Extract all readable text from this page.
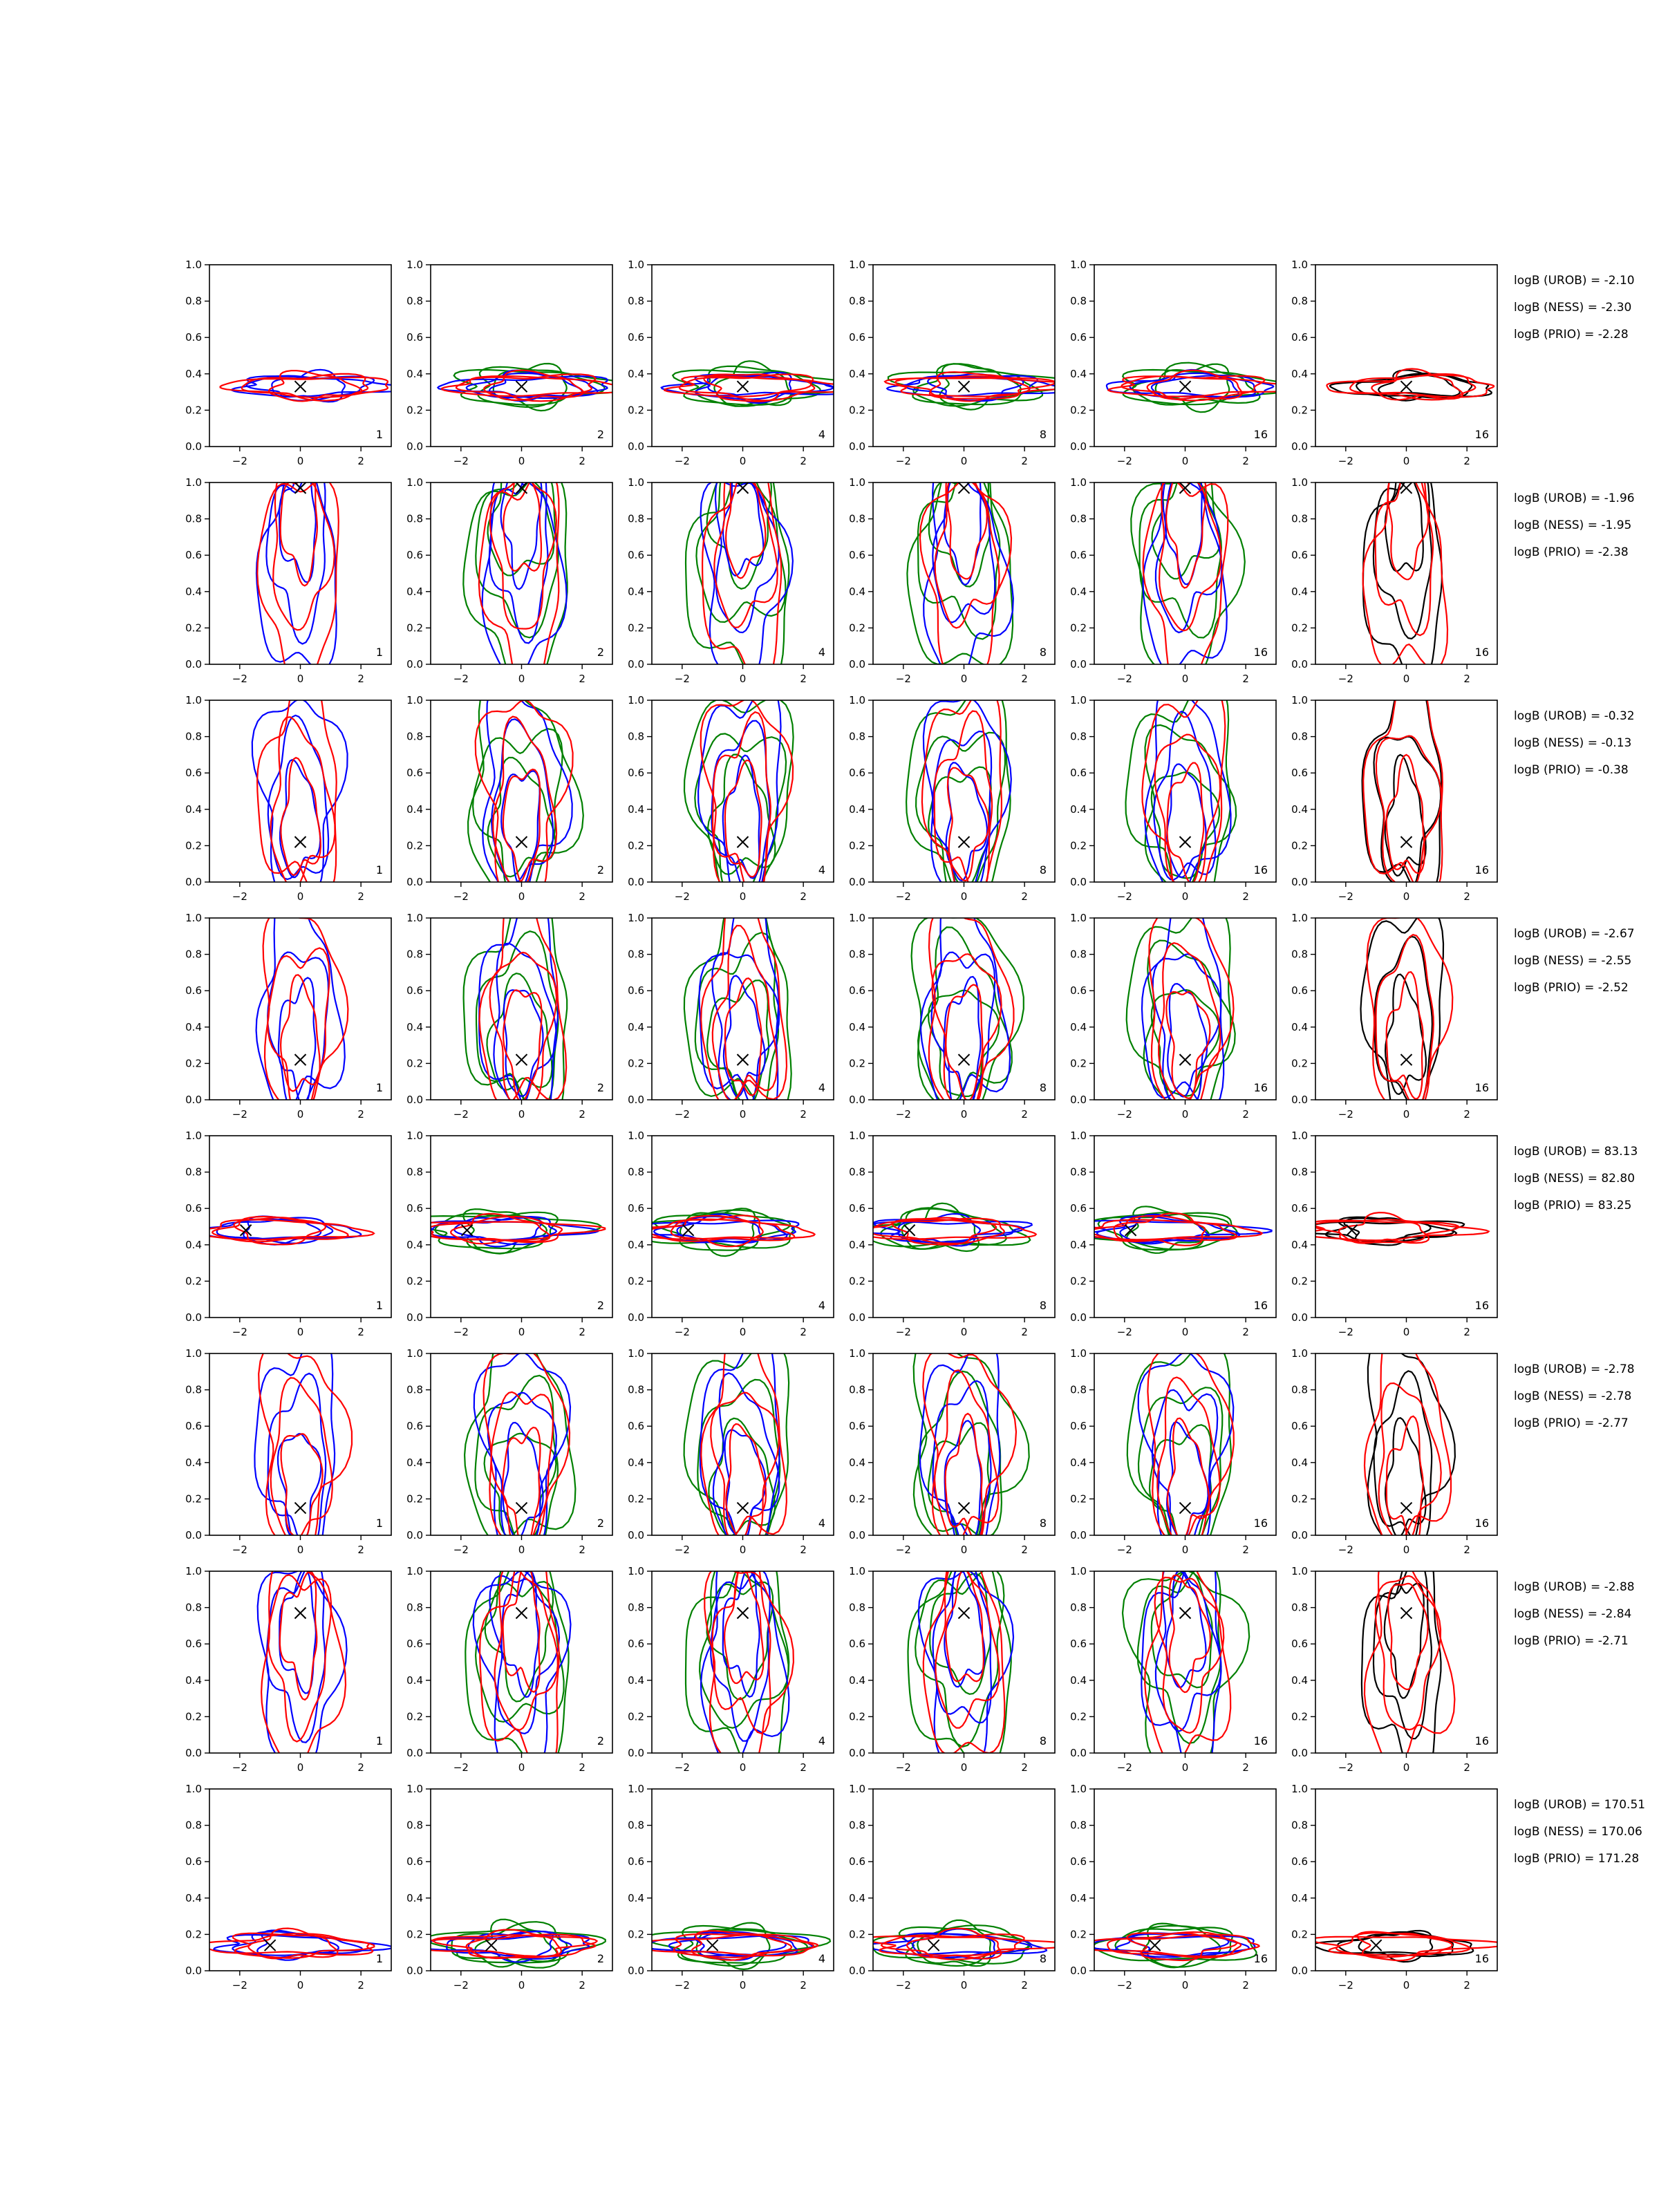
−2	0	2
0.0
0.2
0.4
0.6
0.8
1.0
1
−2	0	2
0.0
0.2
0.4
0.6
0.8
1.0
2
−2	0	2
0.0
0.2
0.4
0.6
0.8
1.0
4
−2	0	2
0.0
0.2
0.4
0.6
0.8
1.0
8
−2	0	2
0.0
0.2
0.4
0.6
0.8
1.0
16
−2	0	2
0.0
0.2
0.4
0.6
0.8
1.0
16
logB (UROB) = -2.10
logB (NESS) = -2.30
logB (PRIO) = -2.28
−2	0	2
0.0
0.2
0.4
0.6
0.8
1.0
1
−2	0	2
0.0
0.2
0.4
0.6
0.8
1.0
2
−2	0	2
0.0
0.2
0.4
0.6
0.8
1.0
4
−2	0	2
0.0
0.2
0.4
0.6
0.8
1.0
8
−2	0	2
0.0
0.2
0.4
0.6
0.8
1.0
16
−2	0	2
0.0
0.2
0.4
0.6
0.8
1.0
16
logB (UROB) = -1.96
logB (NESS) = -1.95
logB (PRIO) = -2.38
−2	0	2
0.0
0.2
0.4
0.6
0.8
1.0
1
−2	0	2
0.0
0.2
0.4
0.6
0.8
1.0
2
−2	0	2
0.0
0.2
0.4
0.6
0.8
1.0
4
−2	0	2
0.0
0.2
0.4
0.6
0.8
1.0
8
−2	0	2
0.0
0.2
0.4
0.6
0.8
1.0
16
−2	0	2
0.0
0.2
0.4
0.6
0.8
1.0
16
logB (UROB) = -0.32
logB (NESS) = -0.13
logB (PRIO) = -0.38
−2	0	2
0.0
0.2
0.4
0.6
0.8
1.0
1
−2	0	2
0.0
0.2
0.4
0.6
0.8
1.0
2
−2	0	2
0.0
0.2
0.4
0.6
0.8
1.0
4
−2	0	2
0.0
0.2
0.4
0.6
0.8
1.0
8
−2	0	2
0.0
0.2
0.4
0.6
0.8
1.0
16
−2	0	2
0.0
0.2
0.4
0.6
0.8
1.0
16
logB (UROB) = -2.67
logB (NESS) = -2.55
logB (PRIO) = -2.52
−2	0	2
0.0
0.2
0.4
0.6
0.8
1.0
1
−2	0	2
0.0
0.2
0.4
0.6
0.8
1.0
2
−2	0	2
0.0
0.2
0.4
0.6
0.8
1.0
4
−2	0	2
0.0
0.2
0.4
0.6
0.8
1.0
8
−2	0	2
0.0
0.2
0.4
0.6
0.8
1.0
16
−2	0	2
0.0
0.2
0.4
0.6
0.8
1.0
16
logB (UROB) = 83.13
logB (NESS) = 82.80
logB (PRIO) = 83.25
−2	0	2
0.0
0.2
0.4
0.6
0.8
1.0
1
−2	0	2
0.0
0.2
0.4
0.6
0.8
1.0
2
−2	0	2
0.0
0.2
0.4
0.6
0.8
1.0
4
−2	0	2
0.0
0.2
0.4
0.6
0.8
1.0
8
−2	0	2
0.0
0.2
0.4
0.6
0.8
1.0
16
−2	0	2
0.0
0.2
0.4
0.6
0.8
1.0
16
logB (UROB) = -2.78
logB (NESS) = -2.78
logB (PRIO) = -2.77
−2	0	2
0.0
0.2
0.4
0.6
0.8
1.0
1
−2	0	2
0.0
0.2
0.4
0.6
0.8
1.0
2
−2	0	2
0.0
0.2
0.4
0.6
0.8
1.0
4
−2	0	2
0.0
0.2
0.4
0.6
0.8
1.0
8
−2	0	2
0.0
0.2
0.4
0.6
0.8
1.0
16
−2	0	2
0.0
0.2
0.4
0.6
0.8
1.0
16
logB (UROB) = -2.88
logB (NESS) = -2.84
logB (PRIO) = -2.71
−2	0	2
0.0
0.2
0.4
0.6
0.8
1.0
1
−2	0	2
0.0
0.2
0.4
0.6
0.8
1.0
2
−2	0	2
0.0
0.2
0.4
0.6
0.8
1.0
4
−2	0	2
0.0
0.2
0.4
0.6
0.8
1.0
8
−2	0	2
0.0
0.2
0.4
0.6
0.8
1.0
16
−2	0	2
0.0
0.2
0.4
0.6
0.8
1.0
16
logB (UROB) = 170.51
logB (NESS) = 170.06
logB (PRIO) = 171.28
